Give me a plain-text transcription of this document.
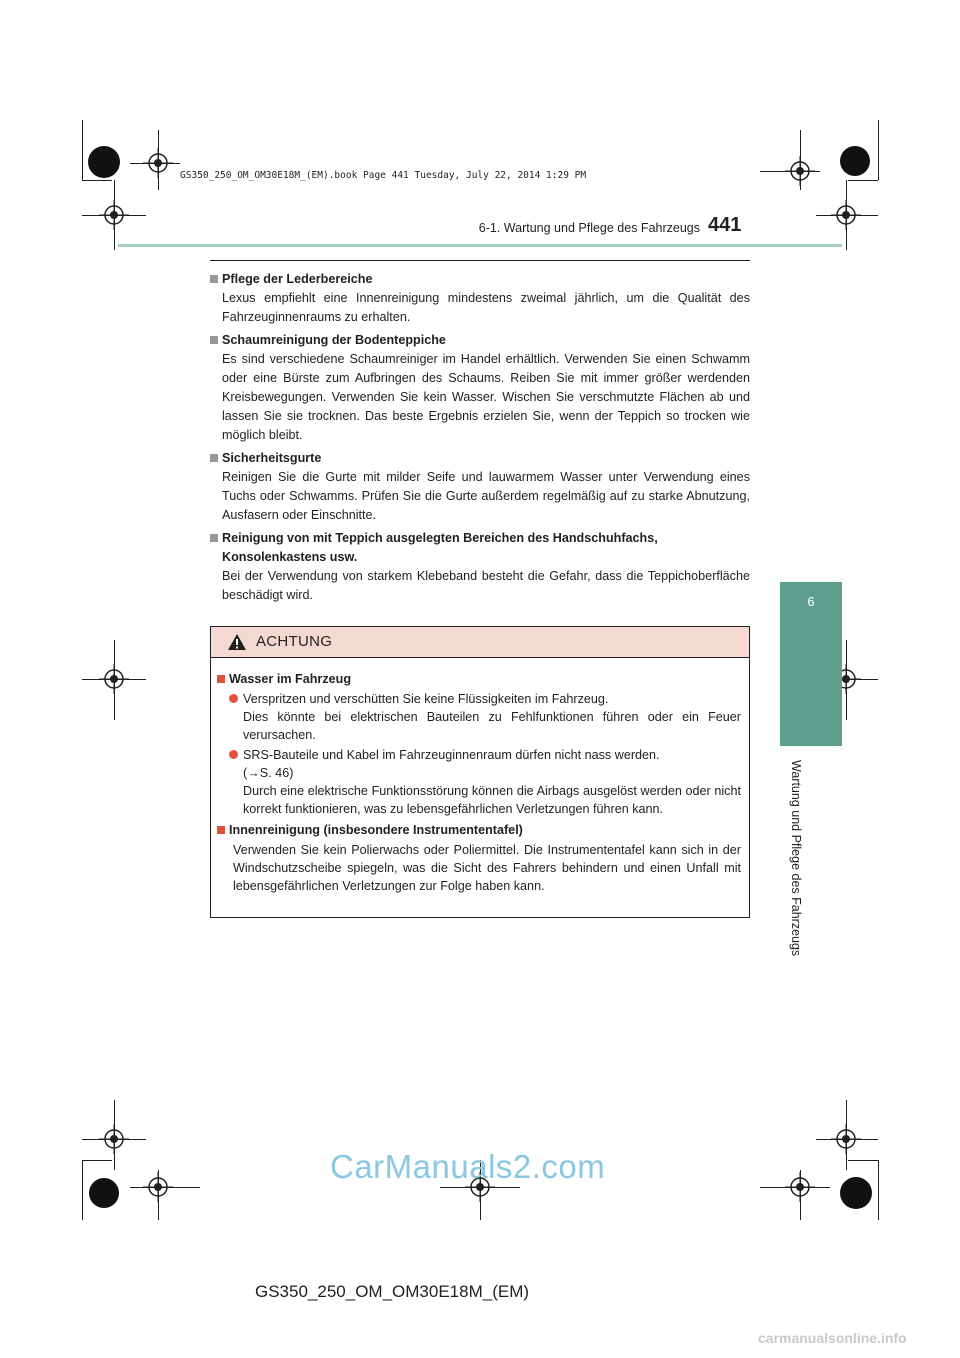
GS350_250_OM_OM30E18M_(EM).book Page 441 Tuesday, July 22, 2014 1:29 PM
6-1. Wartung und Pflege des Fahrzeugs 441
6
Wartung und Pflege des Fahrzeugs
Pflege der Lederbereiche
Lexus empfiehlt eine Innenreinigung mindestens zweimal jährlich, um die Qualität des Fahrzeuginnenraums zu erhalten.
Schaumreinigung der Bodenteppiche
Es sind verschiedene Schaumreiniger im Handel erhältlich. Verwenden Sie einen Schwamm oder eine Bürste zum Aufbringen des Schaums. Reiben Sie mit immer größer werdenden Kreisbewegungen. Verwenden Sie kein Wasser. Wischen Sie verschmutzte Flächen ab und lassen Sie sie trocknen. Das beste Ergebnis erzielen Sie, wenn der Teppich so trocken wie möglich bleibt.
Sicherheitsgurte
Reinigen Sie die Gurte mit milder Seife und lauwarmem Wasser unter Verwendung eines Tuchs oder Schwamms. Prüfen Sie die Gurte außerdem regelmäßig auf zu starke Abnutzung, Ausfasern oder Einschnitte.
Reinigung von mit Teppich ausgelegten Bereichen des Handschuhfachs, Konsolenkastens usw.
Bei der Verwendung von starkem Klebeband besteht die Gefahr, dass die Teppichoberfläche beschädigt wird.
ACHTUNG
Wasser im Fahrzeug
Verspritzen und verschütten Sie keine Flüssigkeiten im Fahrzeug.
Dies könnte bei elektrischen Bauteilen zu Fehlfunktionen führen oder ein Feuer verursachen.
SRS-Bauteile und Kabel im Fahrzeuginnenraum dürfen nicht nass werden.
(→S. 46)
Durch eine elektrische Funktionsstörung können die Airbags ausgelöst werden oder nicht korrekt funktionieren, was zu lebensgefährlichen Verletzungen führen kann.
Innenreinigung (insbesondere Instrumententafel)
Verwenden Sie kein Polierwachs oder Poliermittel. Die Instrumententafel kann sich in der Windschutzscheibe spiegeln, was die Sicht des Fahrers behindern und einen Unfall mit lebensgefährlichen Verletzungen zur Folge haben kann.
CarManuals2.com
GS350_250_OM_OM30E18M_(EM)
carmanualsonline.info
